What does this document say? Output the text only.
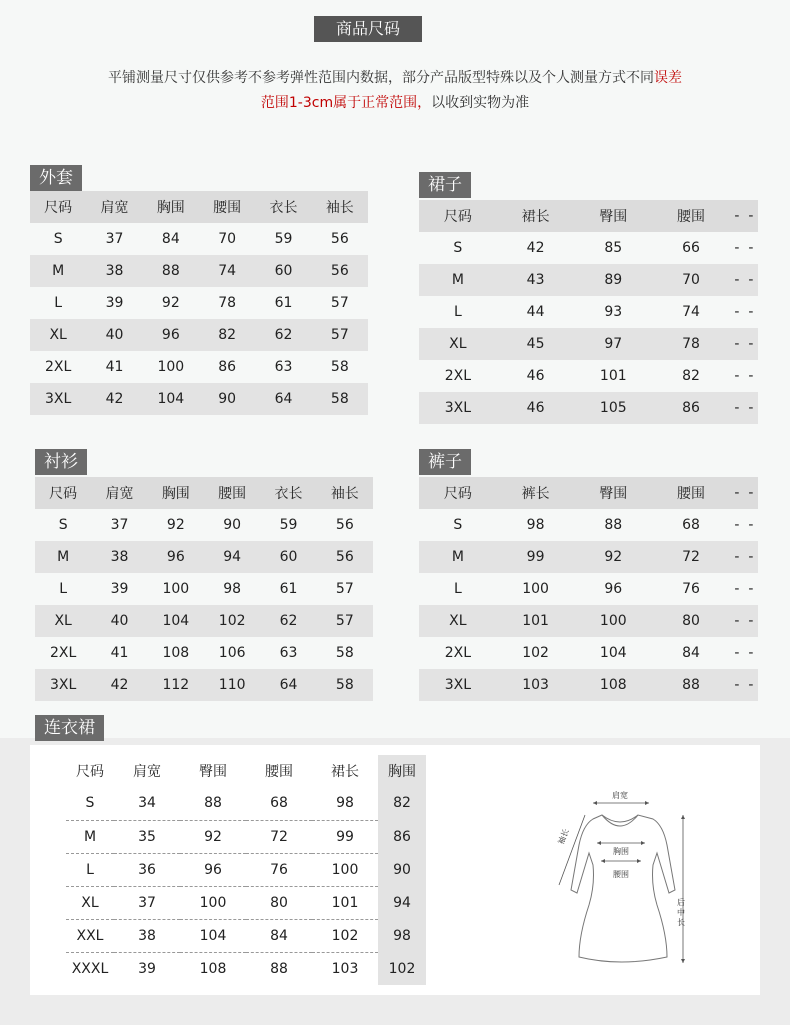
商品尺码
平铺测量尺寸仅供参考不参考弹性范围内数据，部分产品版型特殊以及个人测量方式不同误差
范围1-3cm属于正常范围，以收到实物为准
外套
尺码	肩宽	胸围	腰围	衣长	袖长
S	37	84	70	59	56
M	38	88	74	60	56
L	39	92	78	61	57
XL	40	96	82	62	57
2XL	41	100	86	63	58
3XL	42	104	90	64	58
裙子
尺码	裙长	臀围	腰围	-	-
S	42	85	66	-	-
M	43	89	70	-	-
L	44	93	74	-	-
XL	45	97	78	-	-
2XL	46	101	82	-	-
3XL	46	105	86	-	-
衬衫
尺码	肩宽	胸围	腰围	衣长	袖长
S	37	92	90	59	56
M	38	96	94	60	56
L	39	100	98	61	57
XL	40	104	102	62	57
2XL	41	108	106	63	58
3XL	42	112	110	64	58
裤子
尺码	裤长	臀围	腰围	-	-
S	98	88	68	-	-
M	99	92	72	-	-
L	100	96	76	-	-
XL	101	100	80	-	-
2XL	102	104	84	-	-
3XL	103	108	88	-	-
连衣裙
尺码	肩宽	臀围	腰围	裙长	胸围
S	34	88	68	98	82
M	35	92	72	99	86
L	36	96	76	100	90
XL	37	100	80	101	94
XXL	38	104	84	102	98
XXXL	39	108	88	103	102
肩宽
胸围
腰围
袖长
后中长
